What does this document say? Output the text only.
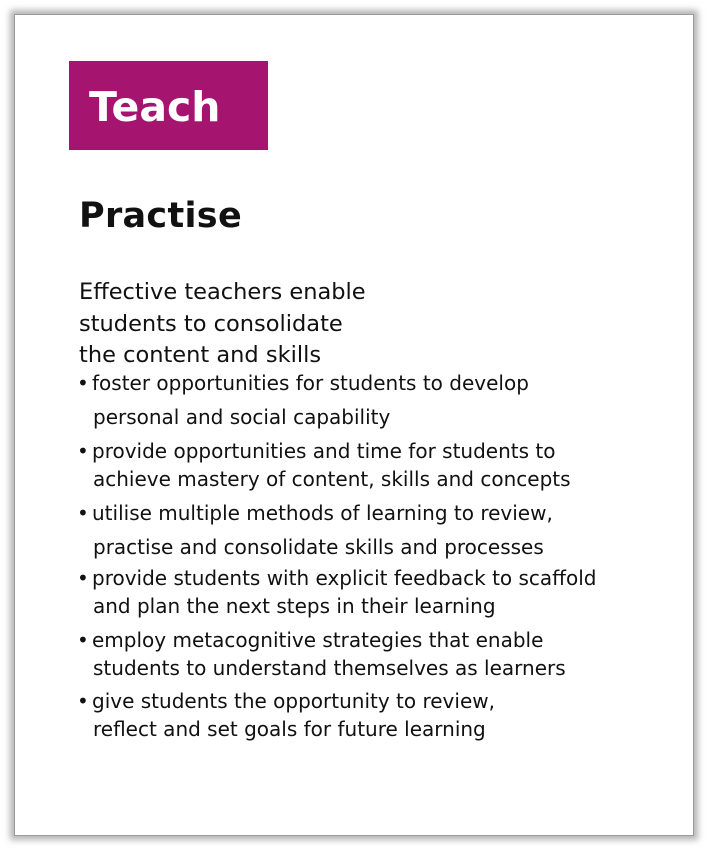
Teach
Practise

Effective teachers enable
students to consolidate
the content and skills

• foster opportunities for students to develop
personal and social capability
• provide opportunities and time for students to
achieve mastery of content, skills and concepts
• utilise multiple methods of learning to review,
practise and consolidate skills and processes
• provide students with explicit feedback to scaffold
and plan the next steps in their learning
• employ metacognitive strategies that enable
students to understand themselves as learners
• give students the opportunity to review,
reflect and set goals for future learning
